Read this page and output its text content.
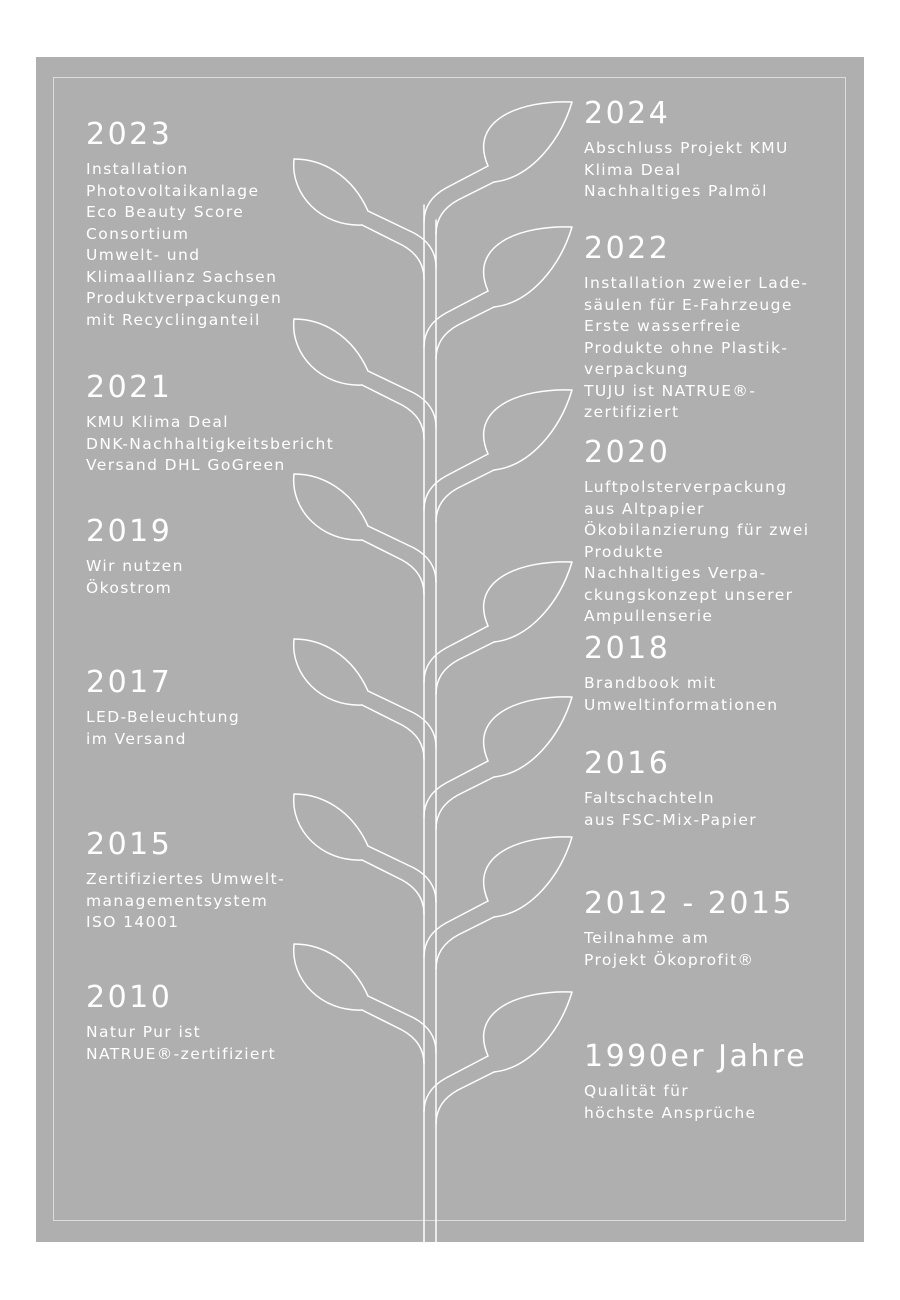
2023
Installation
Photovoltaikanlage
Eco Beauty Score
Consortium
Umwelt- und
Klimaallianz Sachsen
Produktverpackungen
mit Recyclinganteil
2021
KMU Klima Deal
DNK-Nachhaltigkeitsbericht
Versand DHL GoGreen
2019
Wir nutzen
Ökostrom
2017
LED-Beleuchtung
im Versand
2015
Zertifiziertes Umwelt-
managementsystem
ISO 14001
2010
Natur Pur ist
NATRUE®-zertifiziert
2024
Abschluss Projekt KMU
Klima Deal
Nachhaltiges Palmöl
2022
Installation zweier Lade-
säulen für E-Fahrzeuge
Erste wasserfreie
Produkte ohne Plastik-
verpackung
TUJU ist NATRUE®-
zertifiziert
2020
Luftpolsterverpackung
aus Altpapier
Ökobilanzierung für zwei
Produkte
Nachhaltiges Verpa-
ckungskonzept unserer
Ampullenserie
2018
Brandbook mit
Umweltinformationen
2016
Faltschachteln
aus FSC-Mix-Papier
2012 - 2015
Teilnahme am
Projekt Ökoprofit®
1990er Jahre
Qualität für
höchste Ansprüche
